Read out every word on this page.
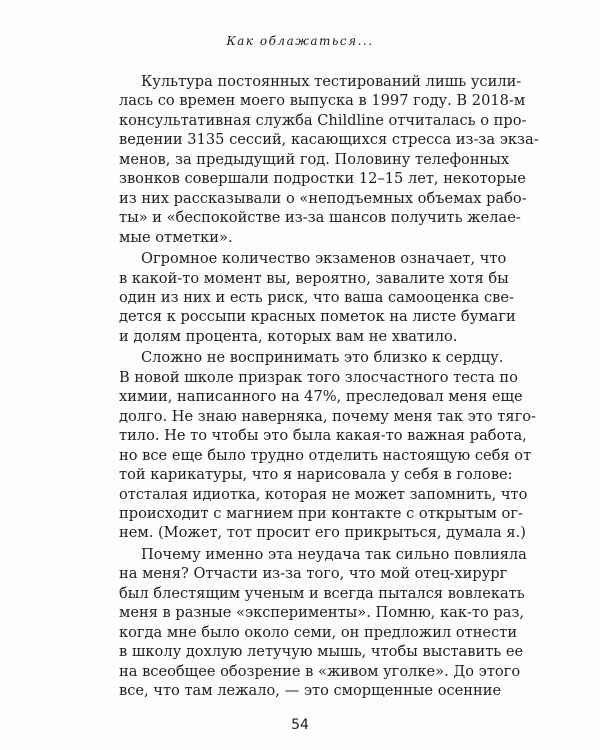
Как облажаться...
Культура постоянных тестирований лишь усили-
лась со времен моего выпуска в 1997 году. В 2018-м
консультативная служба Childline отчиталась о про-
ведении 3135 сессий, касающихся стресса из-за экза-
менов, за предыдущий год. Половину телефонных
звонков совершали подростки 12–15 лет, некоторые
из них рассказывали о «неподъемных объемах рабо-
ты» и «беспокойстве из-за шансов получить желае-
мые отметки».
Огромное количество экзаменов означает, что
в какой-то момент вы, вероятно, завалите хотя бы
один из них и есть риск, что ваша самооценка све-
дется к россыпи красных пометок на листе бумаги
и долям процента, которых вам не хватило.
Сложно не воспринимать это близко к сердцу.
В новой школе призрак того злосчастного теста по
химии, написанного на 47%, преследовал меня еще
долго. Не знаю наверняка, почему меня так это тяго-
тило. Не то чтобы это была какая-то важная работа,
но все еще было трудно отделить настоящую себя от
той карикатуры, что я нарисовала у себя в голове:
отсталая идиотка, которая не может запомнить, что
происходит с магнием при контакте с открытым ог-
нем. (Может, тот просит его прикрыться, думала я.)
Почему именно эта неудача так сильно повлияла
на меня? Отчасти из-за того, что мой отец-хирург
был блестящим ученым и всегда пытался вовлекать
меня в разные «эксперименты». Помню, как-то раз,
когда мне было около семи, он предложил отнести
в школу дохлую летучую мышь, чтобы выставить ее
на всеобщее обозрение в «живом уголке». До этого
все, что там лежало, — это сморщенные осенние
54
